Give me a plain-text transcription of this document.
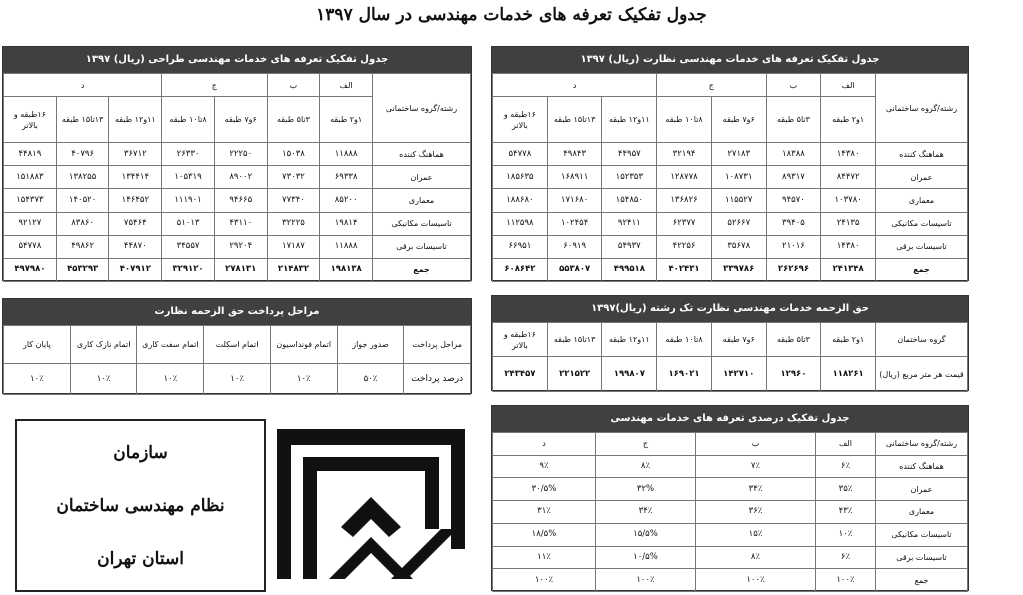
جدول تفکیک تعرفه های خدمات مهندسی در سال ۱۳۹۷
جدول تفکیک تعرفه های خدمات مهندسی طراحی (ریال) ۱۳۹۷
رشته/گروه ساختمانی	الف	ب	ج		د		
	۱و۲ طبقه	۳تا۵ طبقه	۶و۷ طبقه	۸تا۱۰ طبقه	۱۱و۱۲ طبقه	۱۳تا۱۵ طبقه	۱۶طبقه و بالاتر
هماهنگ کننده	۱۱۸۸۸	۱۵۰۳۸	۲۲۲۵۰	۲۶۳۳۰	۳۶۷۱۲	۴۰۷۹۶	۴۴۸۱۹
عمران	۶۹۳۳۸	۷۳۰۳۲	۸۹۰۰۲	۱۰۵۳۱۹	۱۳۴۴۱۴	۱۳۸۲۵۵	۱۵۱۸۸۳
معماری	۸۵۲۰۰	۷۷۳۴۰	۹۴۶۶۵	۱۱۱۹۰۱	۱۴۶۴۵۲	۱۴۰۵۲۰	۱۵۴۳۷۳
تاسیسات مکانیکی	۱۹۸۱۴	۳۲۲۲۵	۴۳۱۱۰	۵۱۰۱۳	۷۵۴۶۴	۸۳۸۶۰	۹۲۱۲۷
تاسیسات برقی	۱۱۸۸۸	۱۷۱۸۷	۲۹۲۰۴	۳۴۵۵۷	۴۴۸۷۰	۴۹۸۶۲	۵۴۷۷۸
جمع	۱۹۸۱۳۸	۲۱۴۸۳۲	۲۷۸۱۳۱	۳۲۹۱۲۰	۴۰۷۹۱۲	۴۵۳۲۹۳	۴۹۷۹۸۰
جدول تفکیک تعرفه های خدمات مهندسی نظارت (ریال) ۱۳۹۷
رشته/گروه ساختمانی	الف	ب	ج		د		
	۱و۲ طبقه	۳تا۵ طبقه	۶و۷ طبقه	۸تا۱۰ طبقه	۱۱و۱۲ طبقه	۱۳تا۱۵ طبقه	۱۶طبقه و بالاتر
هماهنگ کننده	۱۴۳۸۰	۱۸۳۸۸	۲۷۱۸۳	۳۲۱۹۴	۴۴۹۵۷	۴۹۸۴۳	۵۴۷۷۸
عمران	۸۴۴۷۲	۸۹۳۱۷	۱۰۸۷۳۱	۱۲۸۷۷۸	۱۵۲۳۵۳	۱۶۸۹۱۱	۱۸۵۶۳۵
معماری	۱۰۳۷۸۰	۹۴۵۷۰	۱۱۵۵۲۷	۱۳۶۸۲۶	۱۵۴۸۵۰	۱۷۱۶۸۰	۱۸۸۶۸۰
تاسیسات مکانیکی	۲۴۱۳۵	۳۹۴۰۵	۵۲۶۶۷	۶۲۳۷۷	۹۲۴۱۱	۱۰۲۴۵۴	۱۱۲۵۹۸
تاسیسات برقی	۱۴۳۸۰	۲۱۰۱۶	۳۵۶۷۸	۴۲۲۵۶	۵۴۹۳۷	۶۰۹۱۹	۶۶۹۵۱
جمع	۲۴۱۳۴۸	۲۶۲۶۹۶	۳۳۹۷۸۶	۴۰۲۴۳۱	۴۹۹۵۱۸	۵۵۳۸۰۷	۶۰۸۶۴۲
مراحل پرداخت حق الزحمه نظارت
مراحل پرداخت	صدور جواز	اتمام فونداسیون	اتمام اسکلت	اتمام سفت کاری	اتمام نازک کاری	پایان کار
درصد پرداخت	۵۰٪	۱۰٪	۱۰٪	۱۰٪	۱۰٪	۱۰٪
حق الزحمه خدمات مهندسی نظارت تک رشته (ریال)۱۳۹۷
گروه ساختمان	۱و۲ طبقه	۳تا۵ طبقه	۶و۷ طبقه	۸تا۱۰ طبقه	۱۱و۱۲ طبقه	۱۳تا۱۵ طبقه	۱۶طبقه و بالاتر
قیمت هر متر مربع (ریال)	۱۱۸۲۶۱	۱۲۹۶۰	۱۴۲۷۱۰	۱۶۹۰۲۱	۱۹۹۸۰۷	۲۲۱۵۲۲	۲۴۳۴۵۷
جدول تفکیک درصدی تعرفه های خدمات مهندسی
رشته/گروه ساختمانی	الف	ب	ج	د
هماهنگ کننده	۶٪	۷٪	۸٪	۹٪
عمران	۳۵٪	۳۴٪	۳۲%	۳۰/۵%
معماری	۴۳٪	۳۶٪	۳۴٪	۳۱٪
تاسیسات مکانیکی	۱۰٪	۱۵٪	۱۵/۵%	۱۸/۵%
تاسیسات برقی	۶٪	۸٪	۱۰/۵%	۱۱٪
جمع	۱۰۰٪	۱۰۰٪	۱۰۰٪	۱۰۰٪
سازمان
نظام مهندسی ساختمان
استان تهران
